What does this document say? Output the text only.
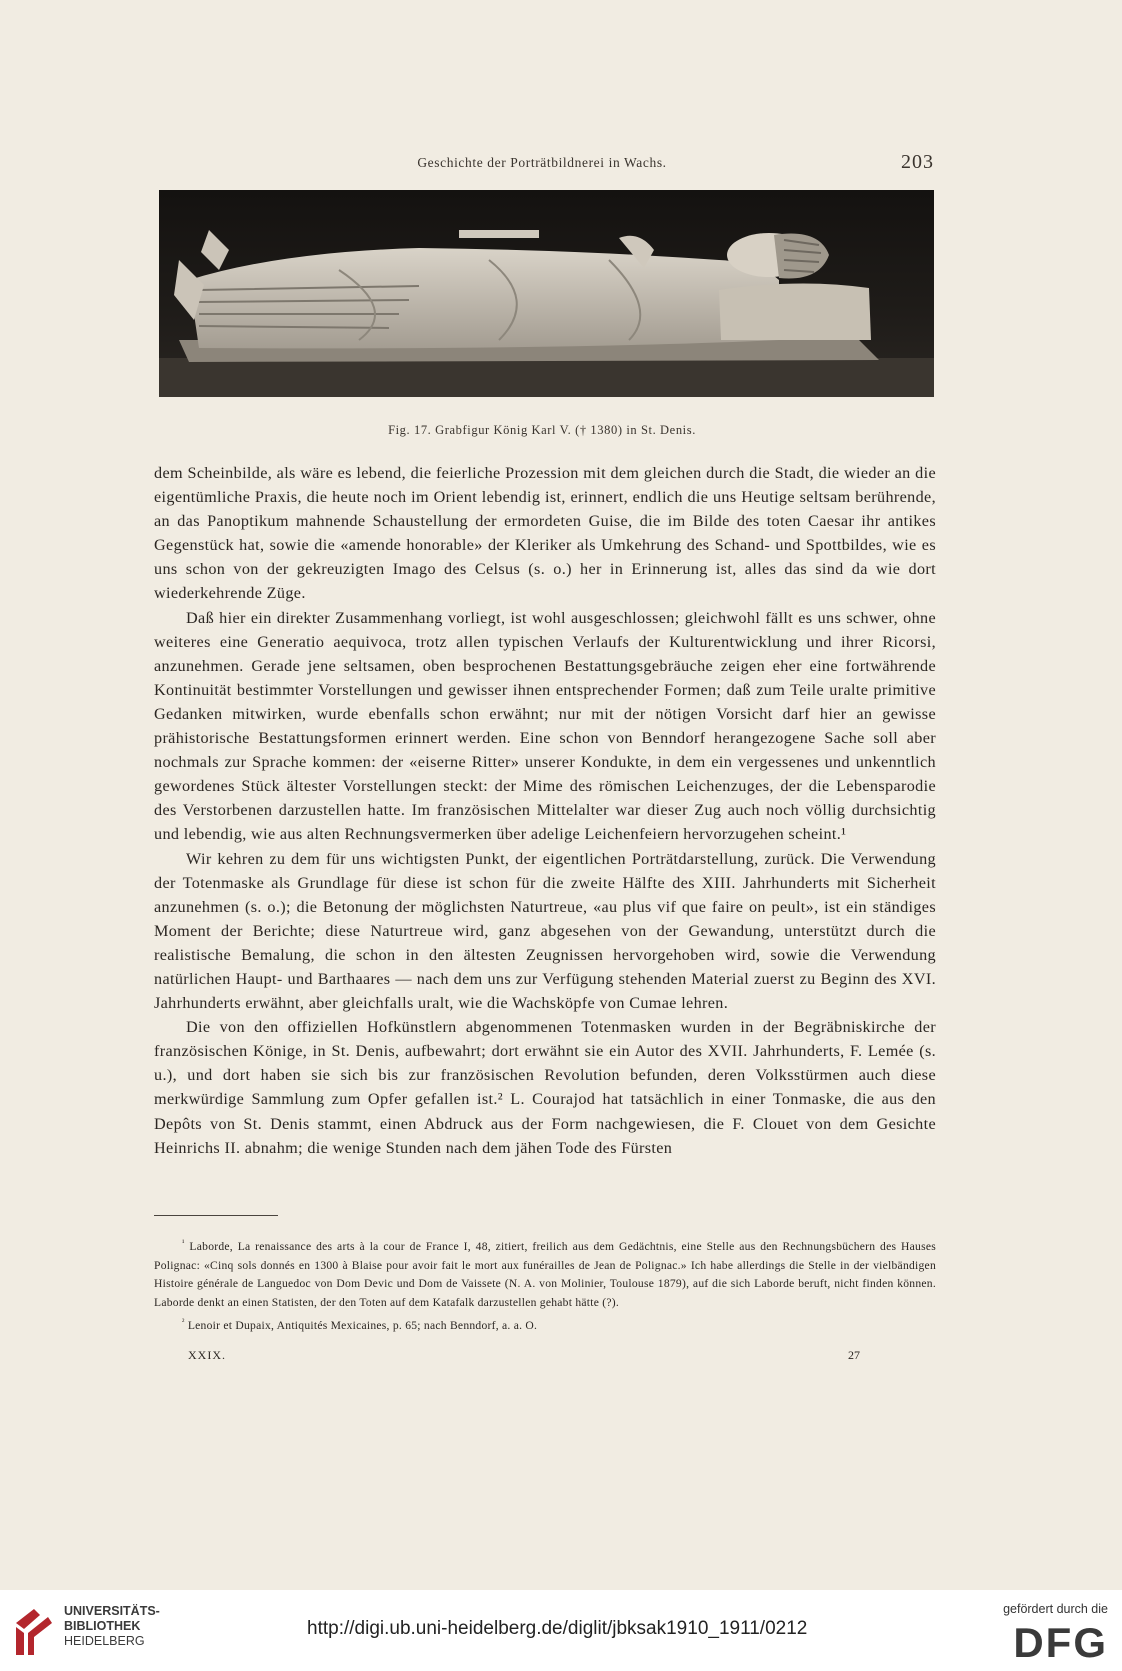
Geschichte der Porträtbildnerei in Wachs.	203
Fig. 17. Grabfigur König Karl V. († 1380) in St. Denis.

dem Scheinbilde, als wäre es lebend, die feierliche Prozession mit dem gleichen durch die Stadt, die wieder an die eigentümliche Praxis, die heute noch im Orient lebendig ist, erinnert, endlich die uns Heutige seltsam berührende, an das Panoptikum mahnende Schaustellung der ermordeten Guise, die im Bilde des toten Caesar ihr antikes Gegenstück hat, sowie die «amende honorable» der Kleriker als Umkehrung des Schand- und Spottbildes, wie es uns schon von der gekreuzigten Imago des Celsus (s. o.) her in Erinnerung ist, alles das sind da wie dort wiederkehrende Züge.

Daß hier ein direkter Zusammenhang vorliegt, ist wohl ausgeschlossen; gleichwohl fällt es uns schwer, ohne weiteres eine Generatio aequivoca, trotz allen typischen Verlaufs der Kulturentwicklung und ihrer Ricorsi, anzunehmen. Gerade jene seltsamen, oben besprochenen Bestattungsgebräuche zeigen eher eine fortwährende Kontinuität bestimmter Vorstellungen und gewisser ihnen entsprechender Formen; daß zum Teile uralte primitive Gedanken mitwirken, wurde ebenfalls schon erwähnt; nur mit der nötigen Vorsicht darf hier an gewisse prähistorische Bestattungsformen erinnert werden. Eine schon von Benndorf herangezogene Sache soll aber nochmals zur Sprache kommen: der «eiserne Ritter» unserer Kondukte, in dem ein vergessenes und unkenntlich gewordenes Stück ältester Vorstellungen steckt: der Mime des römischen Leichenzuges, der die Lebensparodie des Verstorbenen darzustellen hatte. Im französischen Mittelalter war dieser Zug auch noch völlig durchsichtig und lebendig, wie aus alten Rechnungsvermerken über adelige Leichenfeiern hervorzugehen scheint.¹

Wir kehren zu dem für uns wichtigsten Punkt, der eigentlichen Porträtdarstellung, zurück. Die Verwendung der Totenmaske als Grundlage für diese ist schon für die zweite Hälfte des XIII. Jahrhunderts mit Sicherheit anzunehmen (s. o.); die Betonung der möglichsten Naturtreue, «au plus vif que faire on peult», ist ein ständiges Moment der Berichte; diese Naturtreue wird, ganz abgesehen von der Gewandung, unterstützt durch die realistische Bemalung, die schon in den ältesten Zeugnissen hervorgehoben wird, sowie die Verwendung natürlichen Haupt- und Barthaares — nach dem uns zur Verfügung stehenden Material zuerst zu Beginn des XVI. Jahrhunderts erwähnt, aber gleichfalls uralt, wie die Wachsköpfe von Cumae lehren.

Die von den offiziellen Hofkünstlern abgenommenen Totenmasken wurden in der Begräbniskirche der französischen Könige, in St. Denis, aufbewahrt; dort erwähnt sie ein Autor des XVII. Jahrhunderts, F. Lemée (s. u.), und dort haben sie sich bis zur französischen Revolution befunden, deren Volksstürmen auch diese merkwürdige Sammlung zum Opfer gefallen ist.² L. Courajod hat tatsächlich in einer Tonmaske, die aus den Depôts von St. Denis stammt, einen Abdruck aus der Form nachgewiesen, die F. Clouet von dem Gesichte Heinrichs II. abnahm; die wenige Stunden nach dem jähen Tode des Fürsten

$^{^1}$ Laborde, La renaissance des arts à la cour de France I, 48, zitiert, freilich aus dem Gedächtnis, eine Stelle aus den Rechnungsbüchern des Hauses Polignac: «Cinq sols donnés en 1300 à Blaise pour avoir fait le mort aux funérailles de Jean de Polignac.» Ich habe allerdings die Stelle in der vielbändigen Histoire générale de Languedoc von Dom Devic und Dom de Vaissete (N. A. von Molinier, Toulouse 1879), auf die sich Laborde beruft, nicht finden können. Laborde denkt an einen Statisten, der den Toten auf dem Katafalk darzustellen gehabt hätte (?).

$^{^2}$ Lenoir et Dupaix, Antiquités Mexicaines, p. 65; nach Benndorf, a. a. O.

XXIX.	27
UNIVERSITÄTS-
BIBLIOTHEK
HEIDELBERG
http://digi.ub.uni-heidelberg.de/diglit/jbksak1910_1911/0212
gefördert durch die
DFG
